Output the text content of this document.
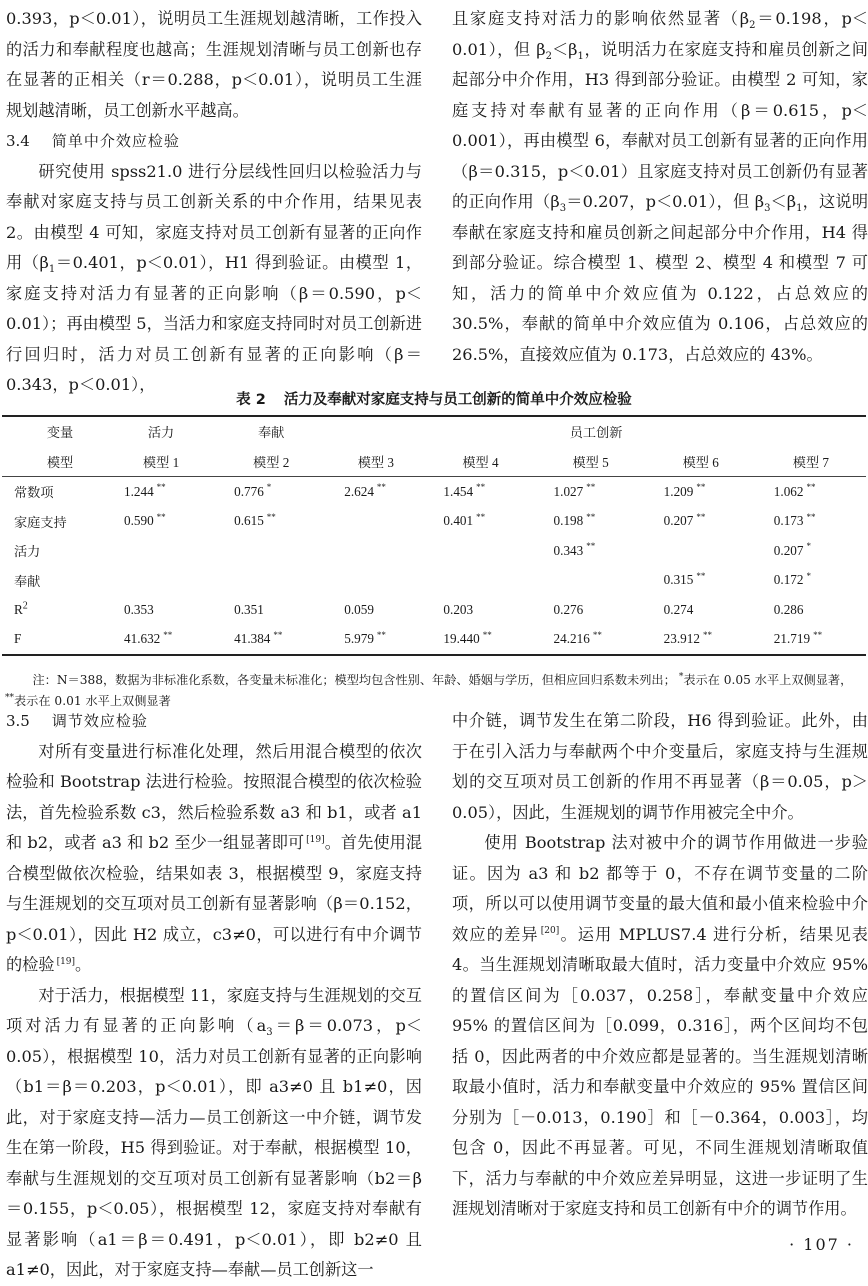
0.393，p＜0.01），说明员工生涯规划越清晰，工作投入的活力和奉献程度也越高；生涯规划清晰与员工创新也存在显著的正相关（r＝0.288，p＜0.01），说明员工生涯规划越清晰，员工创新水平越高。

3.4 简单中介效应检验

研究使用 spss21.0 进行分层线性回归以检验活力与奉献对家庭支持与员工创新关系的中介作用，结果见表 2。由模型 4 可知，家庭支持对员工创新有显著的正向作用（$\beta_1=0.401$，p＜0.01），H1 得到验证。由模型 1，家庭支持对活力有显著的正向影响（β＝0.590，p＜0.01）；再由模型 5，当活力和家庭支持同时对员工创新进行回归时，活力对员工创新有显著的正向影响（β＝0.343，p＜0.01），

且家庭支持对活力的影响依然显著（$\beta_2=0.198$，p＜0.01），但 $\beta_2<\beta_1$，说明活力在家庭支持和雇员创新之间起部分中介作用，H3 得到部分验证。由模型 2 可知，家庭支持对奉献有显著的正向作用（β＝0.615，p＜0.001），再由模型 6，奉献对员工创新有显著的正向作用（β＝0.315，p＜0.01）且家庭支持对员工创新仍有显著的正向作用（$\beta_3=0.207$，p＜0.01），但 $\beta_3<\beta_1$，这说明奉献在家庭支持和雇员创新之间起部分中介作用，H4 得到部分验证。综合模型 1、模型 2、模型 4 和模型 7 可知，活力的简单中介效应值为 0.122，占总效应的 30.5%，奉献的简单中介效应值为 0.106，占总效应的 26.5%，直接效应值为 0.173，占总效应的 43%。

表 2 活力及奉献对家庭支持与员工创新的简单中介效应检验
变量	活力	奉献	员工创新				
模型	模型 1	模型 2	模型 3	模型 4	模型 5	模型 6	模型 7
常数项	1.244 **	0.776 *	2.624 **	1.454 **	1.027 **	1.209 **	1.062 **
家庭支持	0.590 **	0.615 **		0.401 **	0.198 **	0.207 **	0.173 **
活力					0.343 **		0.207 *
奉献						0.315 **	0.172 *
$R^2$	0.353	0.351	0.059	0.203	0.276	0.274	0.286
F	41.632 **	41.384 **	5.979 **	19.440 **	24.216 **	23.912 **	21.719 **
注：N＝388，数据为非标准化系数，各变量未标准化；模型均包含性别、年龄、婚姻与学历，但相应回归系数未列出； *表示在 0.05 水平上双侧显著，**表示在 0.01 水平上双侧显著

3.5 调节效应检验

对所有变量进行标准化处理，然后用混合模型的依次检验和 Bootstrap 法进行检验。按照混合模型的依次检验法，首先检验系数 c3，然后检验系数 a3 和 b1，或者 a1 和 b2，或者 a3 和 b2 至少一组显著即可 [19]。首先使用混合模型做依次检验，结果如表 3，根据模型 9，家庭支持与生涯规划的交互项对员工创新有显著影响（β＝0.152，p＜0.01），因此 H2 成立，c3≠0，可以进行有中介调节的检验 [19]。

对于活力，根据模型 11，家庭支持与生涯规划的交互项对活力有显著的正向影响（$a_3=\beta=0.073$，p＜0.05），根据模型 10，活力对员工创新有显著的正向影响（b1＝β＝0.203，p＜0.01），即 a3≠0 且 b1≠0，因此，对于家庭支持—活力—员工创新这一中介链，调节发生在第一阶段，H5 得到验证。对于奉献，根据模型 10，奉献与生涯规划的交互项对员工创新有显著影响（b2＝β＝0.155，p＜0.05），根据模型 12，家庭支持对奉献有显著影响（a1＝β＝0.491，p＜0.01），即 b2≠0 且 a1≠0，因此，对于家庭支持—奉献—员工创新这一

中介链，调节发生在第二阶段，H6 得到验证。此外，由于在引入活力与奉献两个中介变量后，家庭支持与生涯规划的交互项对员工创新的作用不再显著（β＝0.05，p＞0.05），因此，生涯规划的调节作用被完全中介。

使用 Bootstrap 法对被中介的调节作用做进一步验证。因为 a3 和 b2 都等于 0，不存在调节变量的二阶项，所以可以使用调节变量的最大值和最小值来检验中介效应的差异 [20]。运用 MPLUS7.4 进行分析，结果见表 4。当生涯规划清晰取最大值时，活力变量中介效应 95% 的置信区间为［0.037，0.258］，奉献变量中介效应 95% 的置信区间为［0.099，0.316］，两个区间均不包括 0，因此两者的中介效应都是显著的。当生涯规划清晰取最小值时，活力和奉献变量中介效应的 95% 置信区间分别为［－0.013，0.190］和［－0.364，0.003］，均包含 0，因此不再显著。可见，不同生涯规划清晰取值下，活力与奉献的中介效应差异明显，这进一步证明了生涯规划清晰对于家庭支持和员工创新有中介的调节作用。

· 107 ·
